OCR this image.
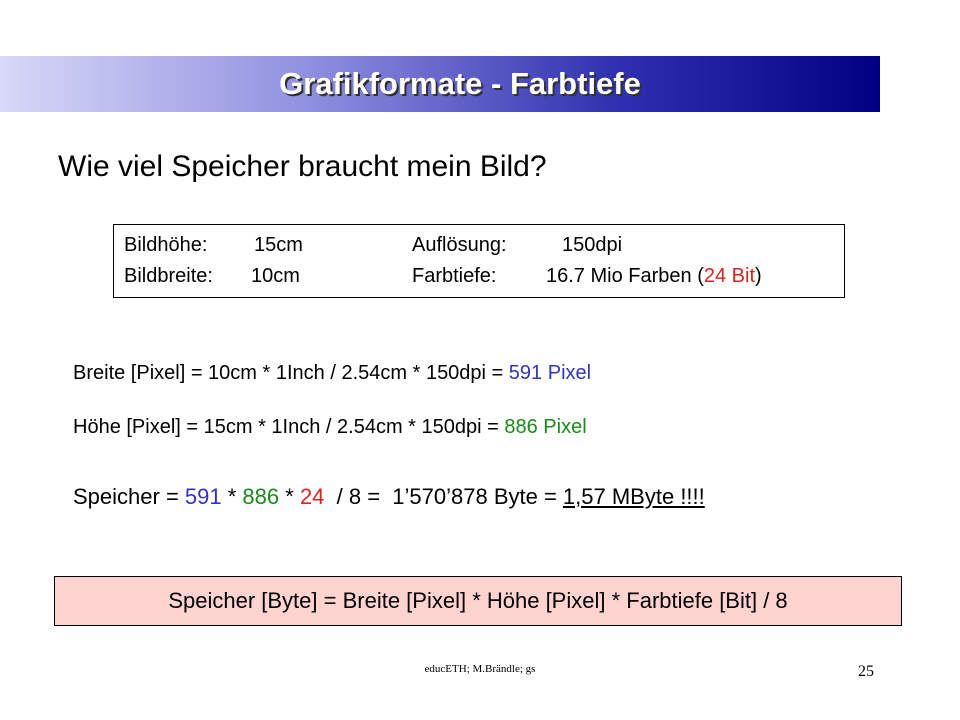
Grafikformate - Farbtiefe
Wie viel Speicher braucht mein Bild?
Bildhöhe: 15cm
Bildbreite: 10cm
Auflösung:	150dpi
Farbtiefe: 16.7 Mio Farben (24 Bit)
Breite [Pixel] = 10cm * 1Inch / 2.54cm * 150dpi = 591 Pixel
Höhe [Pixel] = 15cm * 1Inch / 2.54cm * 150dpi = 886 Pixel
Speicher = 591 * 886 * 24  / 8 =  1’570’878 Byte = 1,57 MByte !!!!
Speicher [Byte] = Breite [Pixel] * Höhe [Pixel] * Farbtiefe [Bit] / 8
educETH; M.Brändle; gs	25
